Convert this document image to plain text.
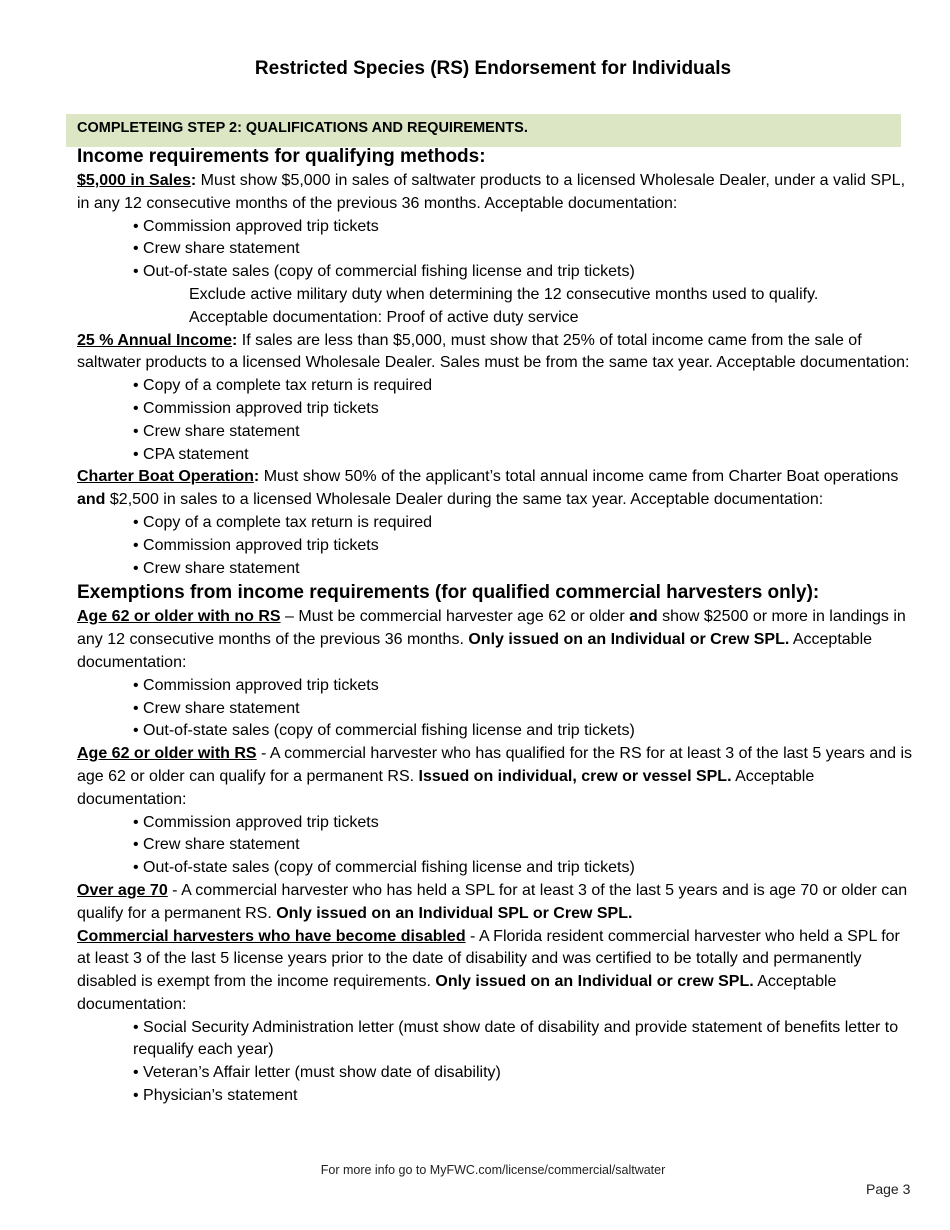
Restricted Species (RS) Endorsement for Individuals
COMPLETEING STEP 2: QUALIFICATIONS AND REQUIREMENTS.

Income requirements for qualifying methods:

$5,000 in Sales: Must show $5,000 in sales of saltwater products to a licensed Wholesale Dealer, under a valid SPL, in any 12 consecutive months of the previous 36 months. Acceptable documentation:

• Commission approved trip tickets

• Crew share statement

• Out-of-state sales (copy of commercial fishing license and trip tickets)

Exclude active military duty when determining the 12 consecutive months used to qualify.

Acceptable documentation: Proof of active duty service

25 % Annual Income: If sales are less than $5,000, must show that 25% of total income came from the sale of saltwater products to a licensed Wholesale Dealer. Sales must be from the same tax year. Acceptable documentation:

• Copy of a complete tax return is required

• Commission approved trip tickets

• Crew share statement

• CPA statement

Charter Boat Operation: Must show 50% of the applicant’s total annual income came from Charter Boat operations and $2,500 in sales to a licensed Wholesale Dealer during the same tax year. Acceptable documentation:

• Copy of a complete tax return is required

• Commission approved trip tickets

• Crew share statement

Exemptions from income requirements (for qualified commercial harvesters only):

Age 62 or older with no RS – Must be commercial harvester age 62 or older and show $2500 or more in landings in any 12 consecutive months of the previous 36 months. Only issued on an Individual or Crew SPL. Acceptable documentation:

• Commission approved trip tickets

• Crew share statement

• Out-of-state sales (copy of commercial fishing license and trip tickets)

Age 62 or older with RS - A commercial harvester who has qualified for the RS for at least 3 of the last 5 years and is age 62 or older can qualify for a permanent RS. Issued on individual, crew or vessel SPL. Acceptable documentation:

• Commission approved trip tickets

• Crew share statement

• Out-of-state sales (copy of commercial fishing license and trip tickets)

Over age 70 - A commercial harvester who has held a SPL for at least 3 of the last 5 years and is age 70 or older can qualify for a permanent RS. Only issued on an Individual SPL or Crew SPL.

Commercial harvesters who have become disabled - A Florida resident commercial harvester who held a SPL for at least 3 of the last 5 license years prior to the date of disability and was certified to be totally and permanently disabled is exempt from the income requirements. Only issued on an Individual or crew SPL. Acceptable documentation:

• Social Security Administration letter (must show date of disability and provide statement of benefits letter to requalify each year)

• Veteran’s Affair letter (must show date of disability)

• Physician’s statement

For more info go to MyFWC.com/license/commercial/saltwater
Page 3
